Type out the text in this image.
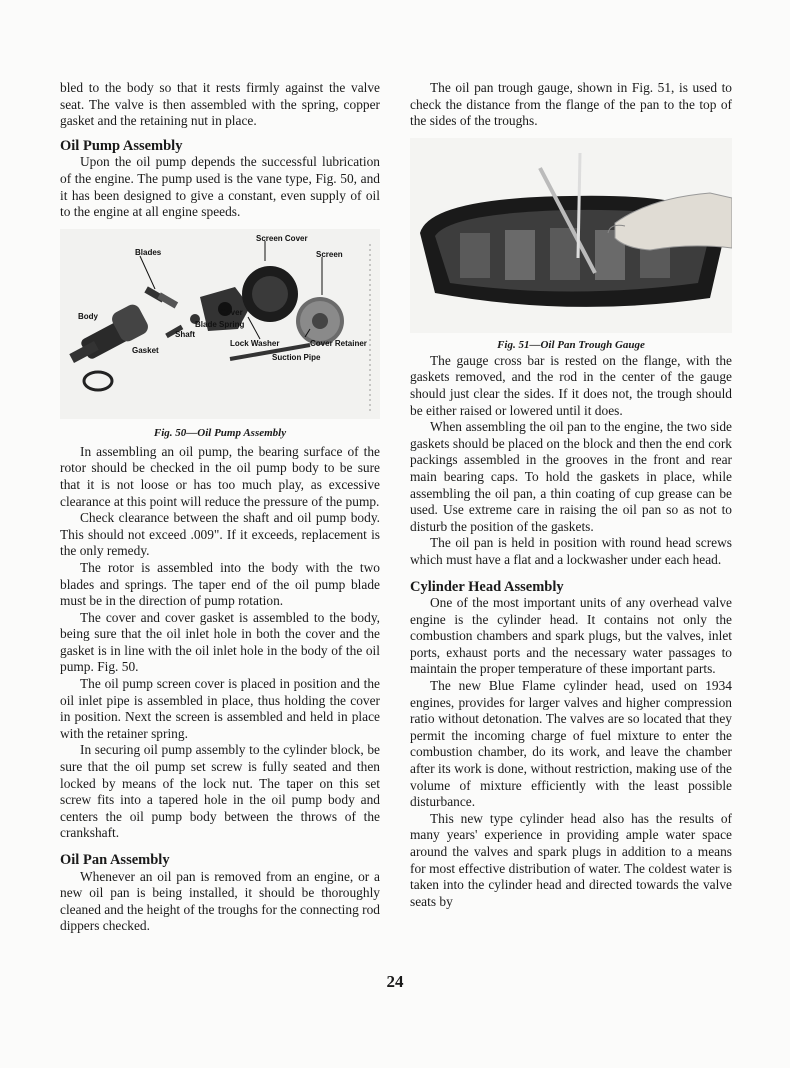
bled to the body so that it rests firmly against the valve seat. The valve is then assembled with the spring, copper gasket and the retaining nut in place.

Oil Pump Assembly

Upon the oil pump depends the successful lubrication of the engine. The pump used is the vane type, Fig. 50, and it has been designed to give a constant, even supply of oil to the engine at all engine speeds.

Screen Cover
Screen
Blades
Body	Cover
Blade Spring
Shaft
Lock Washer	Cover Retainer
Gasket
Suction Pipe
Fig. 50—Oil Pump Assembly

In assembling an oil pump, the bearing surface of the rotor should be checked in the oil pump body to be sure that it is not loose or has too much play, as excessive clearance at this point will reduce the pressure of the pump.

Check clearance between the shaft and oil pump body. This should not exceed .009". If it exceeds, replacement is the only remedy.

The rotor is assembled into the body with the two blades and springs. The taper end of the oil pump blade must be in the direction of pump rotation.

The cover and cover gasket is assembled to the body, being sure that the oil inlet hole in both the cover and the gasket is in line with the oil inlet hole in the body of the oil pump. Fig. 50.

The oil pump screen cover is placed in position and the oil inlet pipe is assembled in place, thus holding the cover in position. Next the screen is assembled and held in place with the retainer spring.

In securing oil pump assembly to the cylinder block, be sure that the oil pump set screw is fully seated and then locked by means of the lock nut. The taper on this set screw fits into a tapered hole in the oil pump body and centers the oil pump body between the throws of the crankshaft.

Oil Pan Assembly

Whenever an oil pan is removed from an engine, or a new oil pan is being installed, it should be thoroughly cleaned and the height of the troughs for the connecting rod dippers checked.

The oil pan trough gauge, shown in Fig. 51, is used to check the distance from the flange of the pan to the top of the sides of the troughs.

Fig. 51—Oil Pan Trough Gauge

The gauge cross bar is rested on the flange, with the gaskets removed, and the rod in the center of the gauge should just clear the sides. If it does not, the trough should be either raised or lowered until it does.

When assembling the oil pan to the engine, the two side gaskets should be placed on the block and then the end cork packings assembled in the grooves in the front and rear main bearing caps. To hold the gaskets in place, while assembling the oil pan, a thin coating of cup grease can be used. Use extreme care in raising the oil pan so as not to disturb the position of the gaskets.

The oil pan is held in position with round head screws which must have a flat and a lockwasher under each head.

Cylinder Head Assembly

One of the most important units of any overhead valve engine is the cylinder head. It contains not only the combustion chambers and spark plugs, but the valves, inlet ports, exhaust ports and the necessary water passages to maintain the proper temperature of these important parts.

The new Blue Flame cylinder head, used on 1934 engines, provides for larger valves and higher compression ratio without detonation. The valves are so located that they permit the incoming charge of fuel mixture to enter the combustion chamber, do its work, and leave the chamber after its work is done, without restriction, making use of the volume of mixture efficiently with the least possible disturbance.

This new type cylinder head also has the results of many years' experience in providing ample water space around the valves and spark plugs in addition to a means for most effective distribution of water. The coldest water is taken into the cylinder head and directed towards the valve seats by

24
